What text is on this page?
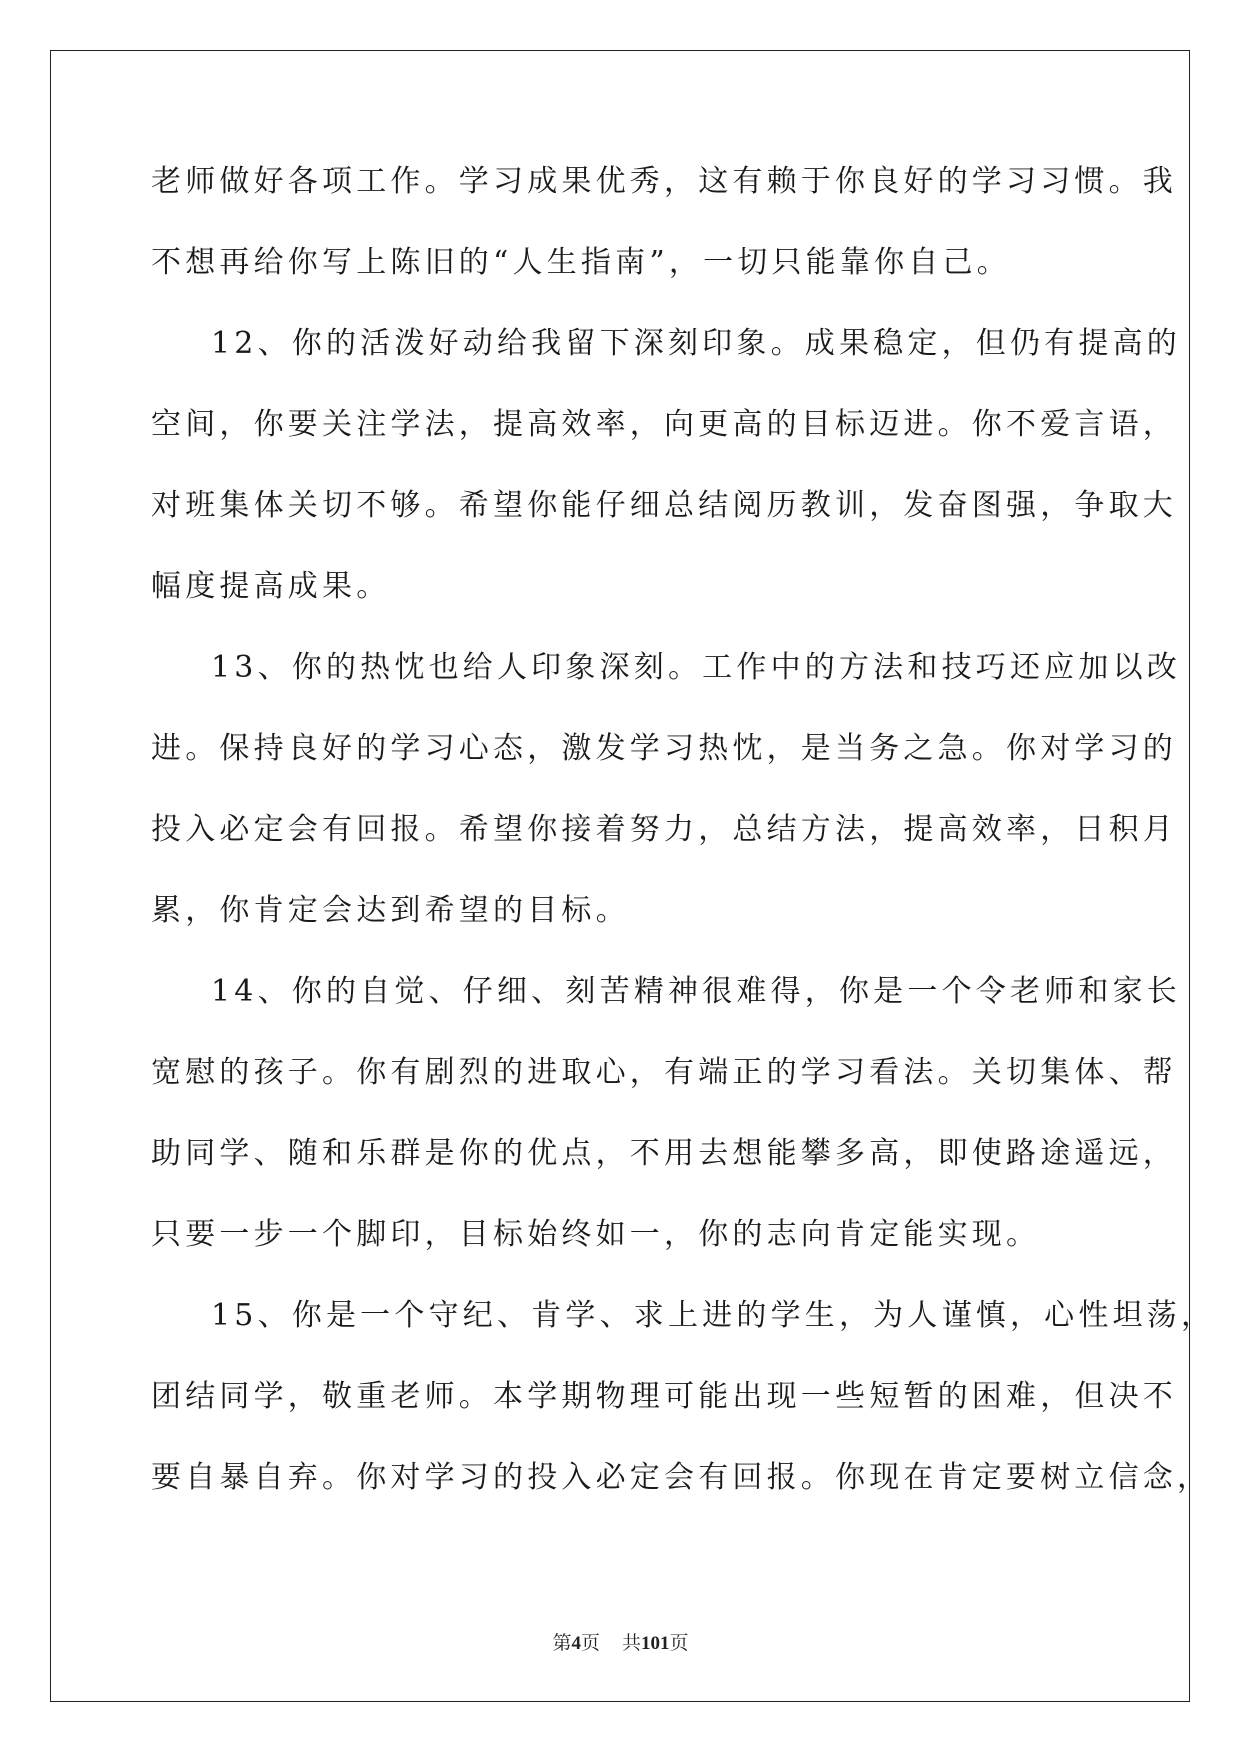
老师做好各项工作。学习成果优秀，这有赖于你良好的学习习惯。我
不想再给你写上陈旧的“人生指南”，一切只能靠你自己。
12、你的活泼好动给我留下深刻印象。成果稳定，但仍有提高的
空间，你要关注学法，提高效率，向更高的目标迈进。你不爱言语，
对班集体关切不够。希望你能仔细总结阅历教训，发奋图强，争取大
幅度提高成果。
13、你的热忱也给人印象深刻。工作中的方法和技巧还应加以改
进。保持良好的学习心态，激发学习热忱，是当务之急。你对学习的
投入必定会有回报。希望你接着努力，总结方法，提高效率，日积月
累，你肯定会达到希望的目标。
14、你的自觉、仔细、刻苦精神很难得，你是一个令老师和家长
宽慰的孩子。你有剧烈的进取心，有端正的学习看法。关切集体、帮
助同学、随和乐群是你的优点，不用去想能攀多高，即使路途遥远，
只要一步一个脚印，目标始终如一，你的志向肯定能实现。
15、你是一个守纪、肯学、求上进的学生，为人谨慎，心性坦荡，
团结同学，敬重老师。本学期物理可能出现一些短暂的困难，但决不
要自暴自弃。你对学习的投入必定会有回报。你现在肯定要树立信念，
第4页 共101页
